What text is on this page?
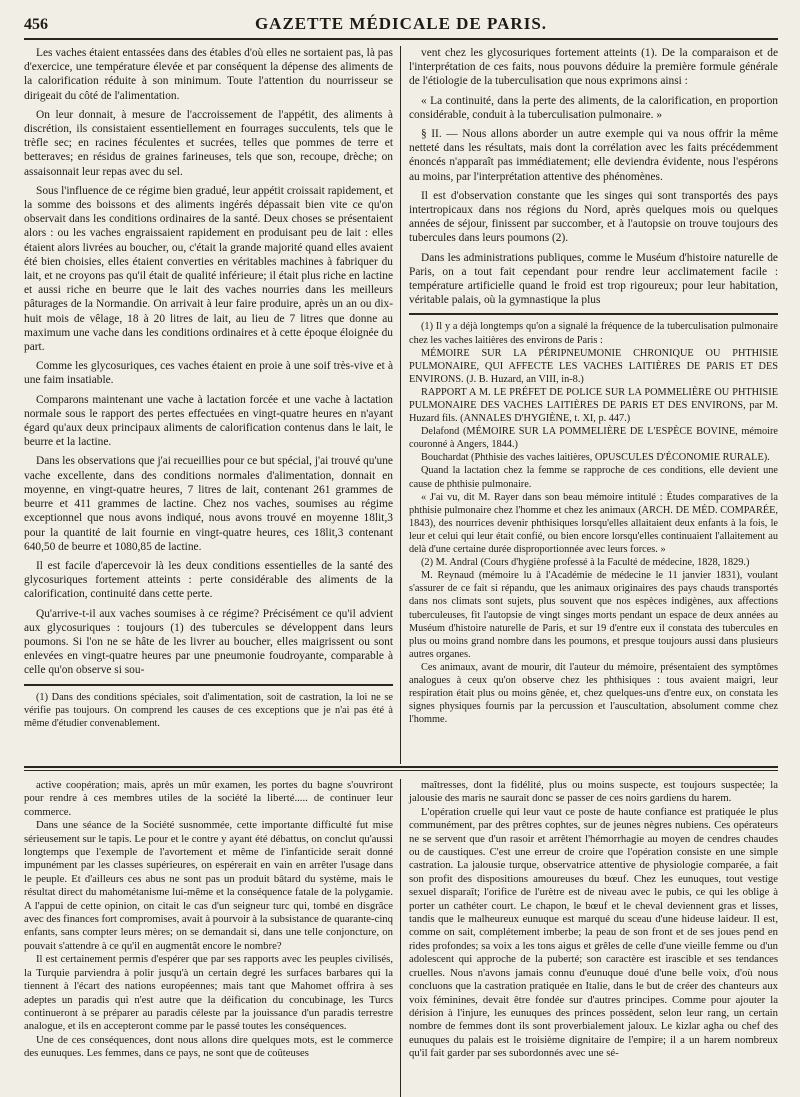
456	GAZETTE MÉDICALE DE PARIS.

Les vaches étaient entassées dans des étables d'où elles ne sortaient pas, là pas d'exercice, une température élevée et par conséquent la dépense des aliments de la calorification réduite à son minimum. Toute l'attention du nourrisseur se dirigeait du côté de l'alimentation.

On leur donnait, à mesure de l'accroissement de l'appétit, des aliments à discrétion, ils consistaient essentiellement en fourrages succulents, tels que le trèfle sec; en racines féculentes et sucrées, telles que pommes de terre et betteraves; en résidus de graines farineuses, tels que son, recoupe, drèche; on assaisonnait leur repas avec du sel.

Sous l'influence de ce régime bien gradué, leur appétit croissait rapidement, et la somme des boissons et des aliments ingérés dépassait bien vite ce qu'on observait dans les conditions ordinaires de la santé. Deux choses se présentaient alors : ou les vaches engraissaient rapidement en produisant peu de lait : elles étaient alors livrées au boucher, ou, c'était la grande majorité quand elles avaient été bien choisies, elles étaient converties en véritables machines à fabriquer du lait, et ne croyons pas qu'il était de qualité inférieure; il était plus riche en lactine et aussi riche en beurre que le lait des vaches nourries dans les meilleurs pâturages de la Normandie. On arrivait à leur faire produire, après un an ou dix-huit mois de vêlage, 18 à 20 litres de lait, au lieu de 7 litres que donne au maximum une vache dans les conditions ordinaires et à cette époque éloignée du part.

Comme les glycosuriques, ces vaches étaient en proie à une soif très-vive et à une faim insatiable.

Comparons maintenant une vache à lactation forcée et une vache à lactation normale sous le rapport des pertes effectuées en vingt-quatre heures en n'ayant égard qu'aux deux principaux aliments de calorification contenus dans le lait, le beurre et la lactine.

Dans les observations que j'ai recueillies pour ce but spécial, j'ai trouvé qu'une vache excellente, dans des conditions normales d'alimentation, donnait en moyenne, en vingt-quatre heures, 7 litres de lait, contenant 261 grammes de beurre et 411 grammes de lactine. Chez nos vaches, soumises au régime exceptionnel que nous avons indiqué, nous avons trouvé en moyenne 18lit,3 pour la quantité de lait fournie en vingt-quatre heures, ces 18lit,3 contenant 640,50 de beurre et 1080,85 de lactine.

Il est facile d'apercevoir là les deux conditions essentielles de la santé des glycosuriques fortement atteints : perte considérable des aliments de la calorification, continuité dans cette perte.

Qu'arrive-t-il aux vaches soumises à ce régime? Précisément ce qu'il advient aux glycosuriques : toujours (1) des tubercules se développent dans leurs poumons. Si l'on ne se hâte de les livrer au boucher, elles maigrissent ou sont enlevées en vingt-quatre heures par une pneumonie foudroyante, comparable à celle qu'on observe si sou-

(1) Dans des conditions spéciales, soit d'alimentation, soit de castration, la loi ne se vérifie pas toujours. On comprend les causes de ces exceptions que je n'ai pas été à même d'étudier convenablement.

vent chez les glycosuriques fortement atteints (1). De la comparaison et de l'interprétation de ces faits, nous pouvons déduire la première formule générale de l'étiologie de la tuberculisation que nous exprimons ainsi :

« La continuité, dans la perte des aliments, de la calorification, en proportion considérable, conduit à la tuberculisation pulmonaire. »

§ II. — Nous allons aborder un autre exemple qui va nous offrir la même netteté dans les résultats, mais dont la corrélation avec les faits précédemment énoncés n'apparaît pas immédiatement; elle deviendra évidente, nous l'espérons au moins, par l'interprétation attentive des phénomènes.

Il est d'observation constante que les singes qui sont transportés des pays intertropicaux dans nos régions du Nord, après quelques mois ou quelques années de séjour, finissent par succomber, et à l'autopsie on trouve toujours des tubercules dans leurs poumons (2).

Dans les administrations publiques, comme le Muséum d'histoire naturelle de Paris, on a tout fait cependant pour rendre leur acclimatement facile : température artificielle quand le froid est trop rigoureux; pour leur habitation, véritable palais, où la gymnastique la plus

(1) Il y a déjà longtemps qu'on a signalé la fréquence de la tuberculisation pulmonaire chez les vaches laitières des environs de Paris :

MÉMOIRE SUR LA PÉRIPNEUMONIE CHRONIQUE OU PHTHISIE PULMONAIRE, QUI AFFECTE LES VACHES LAITIÈRES DE PARIS ET DES ENVIRONS. (J. B. Huzard, an VIII, in-8.)

RAPPORT A M. LE PRÉFET DE POLICE SUR LA POMMELIÈRE OU PHTHISIE PULMONAIRE DES VACHES LAITIÈRES DE PARIS ET DES ENVIRONS, par M. Huzard fils. (ANNALES D'HYGIÈNE, t. XI, p. 447.)

Delafond (MÉMOIRE SUR LA POMMELIÈRE DE L'ESPÈCE BOVINE, mémoire couronné à Angers, 1844.)

Bouchardat (Phthisie des vaches laitières, OPUSCULES D'ÉCONOMIE RURALE).

Quand la lactation chez la femme se rapproche de ces conditions, elle devient une cause de phthisie pulmonaire.

« J'ai vu, dit M. Rayer dans son beau mémoire intitulé : Études comparatives de la phthisie pulmonaire chez l'homme et chez les animaux (ARCH. DE MÉD. COMPARÉE, 1843), des nourrices devenir phthisiques lorsqu'elles allaitaient deux enfants à la fois, le leur et celui qui leur était confié, ou bien encore lorsqu'elles continuaient l'allaitement au delà d'une certaine durée disproportionnée avec leurs forces. »

(2) M. Andral (Cours d'hygiène professé à la Faculté de médecine, 1828, 1829.)

M. Reynaud (mémoire lu à l'Académie de médecine le 11 janvier 1831), voulant s'assurer de ce fait si répandu, que les animaux originaires des pays chauds transportés dans nos climats sont sujets, plus souvent que nos espèces indigènes, aux affections tuberculeuses, fit l'autopsie de vingt singes morts pendant un espace de deux années au Muséum d'histoire naturelle de Paris, et sur 19 d'entre eux il constata des tubercules en plus ou moins grand nombre dans les poumons, et presque toujours aussi dans plusieurs autres organes.

Ces animaux, avant de mourir, dit l'auteur du mémoire, présentaient des symptômes analogues à ceux qu'on observe chez les phthisiques : tous avaient maigri, leur respiration était plus ou moins gênée, et, chez quelques-uns d'entre eux, on constata les signes physiques fournis par la percussion et l'auscultation, absolument comme chez l'homme.

active coopération; mais, après un mûr examen, les portes du bagne s'ouvriront pour rendre à ces membres utiles de la société la liberté..... de continuer leur commerce.

Dans une séance de la Société susnommée, cette importante difficulté fut mise sérieusement sur le tapis. Le pour et le contre y ayant été débattus, on conclut qu'aussi longtemps que l'exemple de l'avortement et même de l'infanticide serait donné impunément par les classes supérieures, on espérerait en vain en arrêter l'usage dans le peuple. Et d'ailleurs ces abus ne sont pas un produit bâtard du système, mais le résultat direct du mahométanisme lui-même et la conséquence fatale de la polygamie. A l'appui de cette opinion, on citait le cas d'un seigneur turc qui, tombé en disgrâce avec des finances fort compromises, avait à pourvoir à la subsistance de quarante-cinq enfants, sans compter leurs mères; on se demandait si, dans une telle conjoncture, on pouvait s'attendre à ce qu'il en augmentât encore le nombre?

Il est certainement permis d'espérer que par ses rapports avec les peuples civilisés, la Turquie parviendra à polir jusqu'à un certain degré les surfaces barbares qui la tiennent à l'écart des nations européennes; mais tant que Mahomet offrira à ses adeptes un paradis qui n'est autre que la déification du concubinage, les Turcs continueront à se préparer au paradis céleste par la jouissance d'un paradis terrestre analogue, et ils en accepteront comme par le passé toutes les conséquences.

Une de ces conséquences, dont nous allons dire quelques mots, est le commerce des eunuques. Les femmes, dans ce pays, ne sont que de coûteuses

maîtresses, dont la fidélité, plus ou moins suspecte, est toujours suspectée; la jalousie des maris ne saurait donc se passer de ces noirs gardiens du harem.

L'opération cruelle qui leur vaut ce poste de haute confiance est pratiquée le plus communément, par des prêtres cophtes, sur de jeunes nègres nubiens. Ces opérateurs ne se servent que d'un rasoir et arrêtent l'hémorrhagie au moyen de cendres chaudes ou de caustiques. C'est une erreur de croire que l'opération consiste en une simple castration. La jalousie turque, observatrice attentive de physiologie comparée, a fait son profit des dispositions amoureuses du bœuf. Chez les eunuques, tout vestige sexuel disparaît; l'orifice de l'urètre est de niveau avec le pubis, ce qui les oblige à porter un cathéter court. Le chapon, le bœuf et le cheval deviennent gras et lisses, tandis que le malheureux eunuque est marqué du sceau d'une hideuse laideur. Il est, comme on sait, complétement imberbe; la peau de son front et de ses joues pend en rides profondes; sa voix a les tons aigus et grêles de celle d'une vieille femme ou d'un adolescent qui approche de la puberté; son caractère est irascible et ses tendances cruelles. Nous n'avons jamais connu d'eunuque doué d'une belle voix, d'où nous concluons que la castration pratiquée en Italie, dans le but de créer des chanteurs aux voix féminines, devait être fondée sur d'autres principes. Comme pour ajouter la dérision à l'injure, les eunuques des princes possèdent, selon leur rang, un certain nombre de femmes dont ils sont proverbialement jaloux. Le kizlar agha ou chef des eunuques du palais est le troisième dignitaire de l'empire; il a un harem nombreux qu'il fait garder par ses subordonnés avec une sé-
